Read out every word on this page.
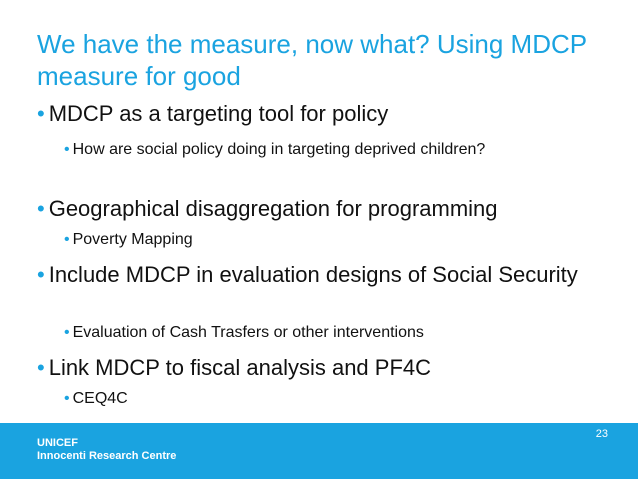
We have the measure, now what? Using MDCP measure for good
• MDCP as a targeting tool for policy
• How are social policy doing in targeting deprived children?
• Geographical disaggregation for programming
• Poverty Mapping
• Include MDCP in evaluation designs of Social Security
• Evaluation of Cash Trasfers or other interventions
• Link MDCP to fiscal analysis and PF4C
• CEQ4C
UNICEF
Innocenti Research Centre
23
